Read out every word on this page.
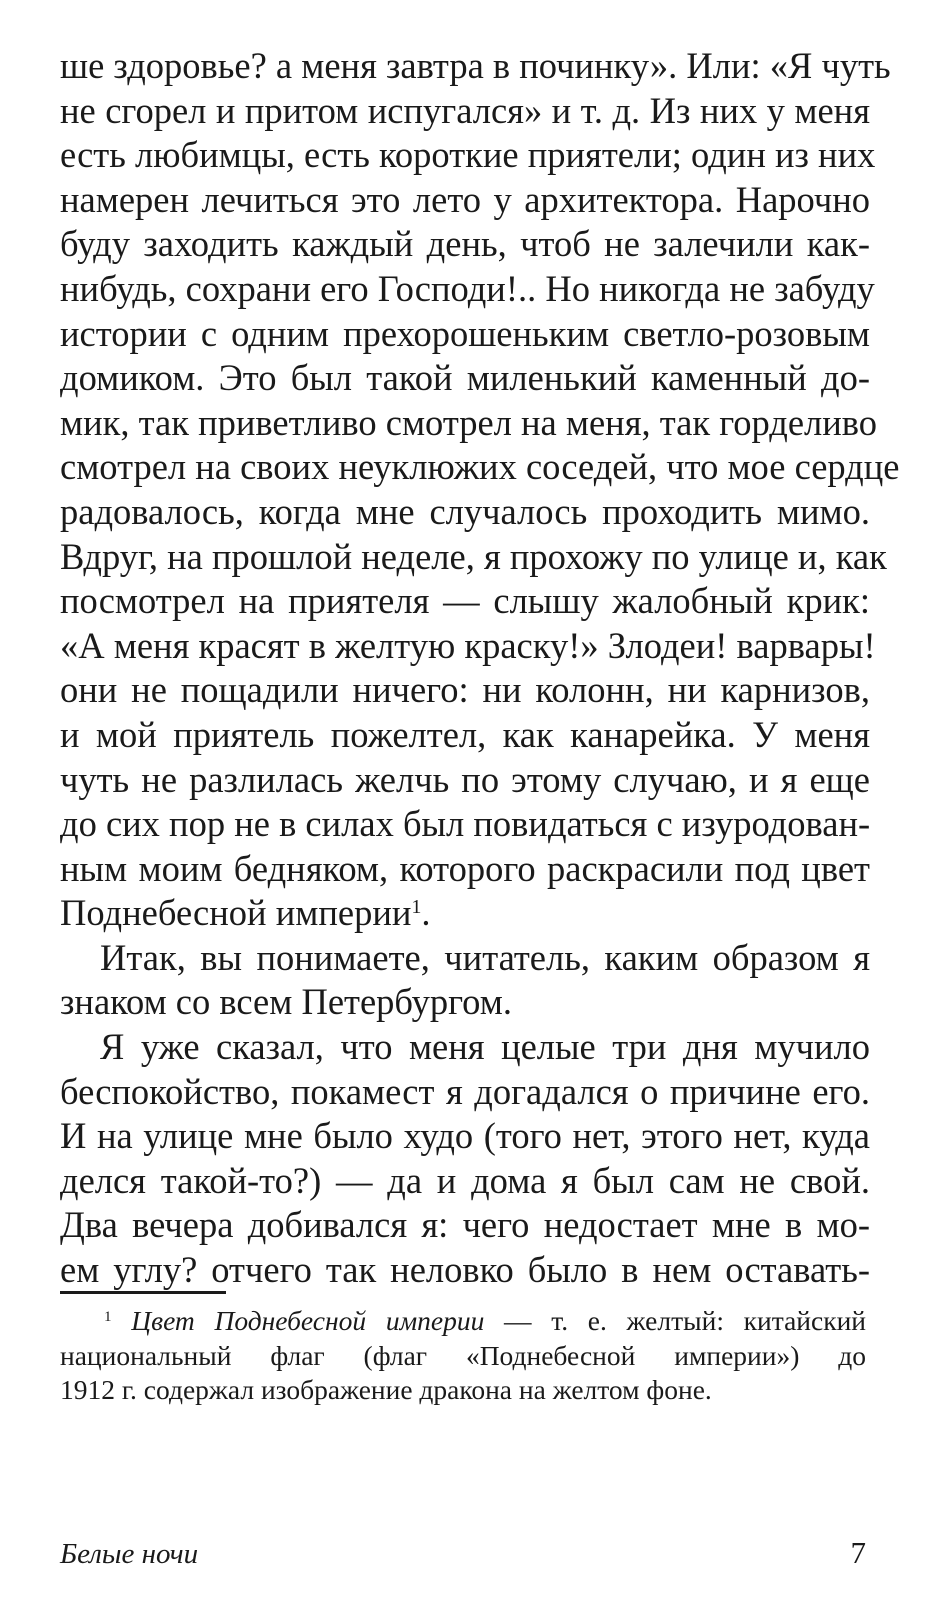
ше здоровье? а меня завтра в починку». Или: «Я чуть
не сгорел и притом испугался» и т. д. Из них у меня
есть любимцы, есть короткие приятели; один из них
намерен лечиться это лето у архитектора. Нарочно
буду заходить каждый день, чтоб не залечили как-
нибудь, сохрани его Господи!.. Но никогда не забуду
истории с одним прехорошеньким светло-розовым
домиком. Это был такой миленький каменный до-
мик, так приветливо смотрел на меня, так горделиво
смотрел на своих неуклюжих соседей, что мое сердце
радовалось, когда мне случалось проходить мимо.
Вдруг, на прошлой неделе, я прохожу по улице и, как
посмотрел на приятеля — слышу жалобный крик:
«А меня красят в желтую краску!» Злодеи! варвары!
они не пощадили ничего: ни колонн, ни карнизов,
и мой приятель пожелтел, как канарейка. У меня
чуть не разлилась желчь по этому случаю, и я еще
до сих пор не в силах был повидаться с изуродован-
ным моим бедняком, которого раскрасили под цвет
Поднебесной империи$^1$.
Итак, вы понимаете, читатель, каким образом я
знаком со всем Петербургом.
Я уже сказал, что меня целые три дня мучило
беспокойство, покамест я догадался о причине его.
И на улице мне было худо (того нет, этого нет, куда
делся такой-то?) — да и дома я был сам не свой.
Два вечера добивался я: чего недостает мне в мо-
ем углу? отчего так неловко было в нем оставать-
$^1$ Цвет Поднебесной империи — т. е. желтый: китайский
национальный флаг (флаг «Поднебесной империи») до
1912 г. содержал изображение дракона на желтом фоне.
Белые ночи	7
